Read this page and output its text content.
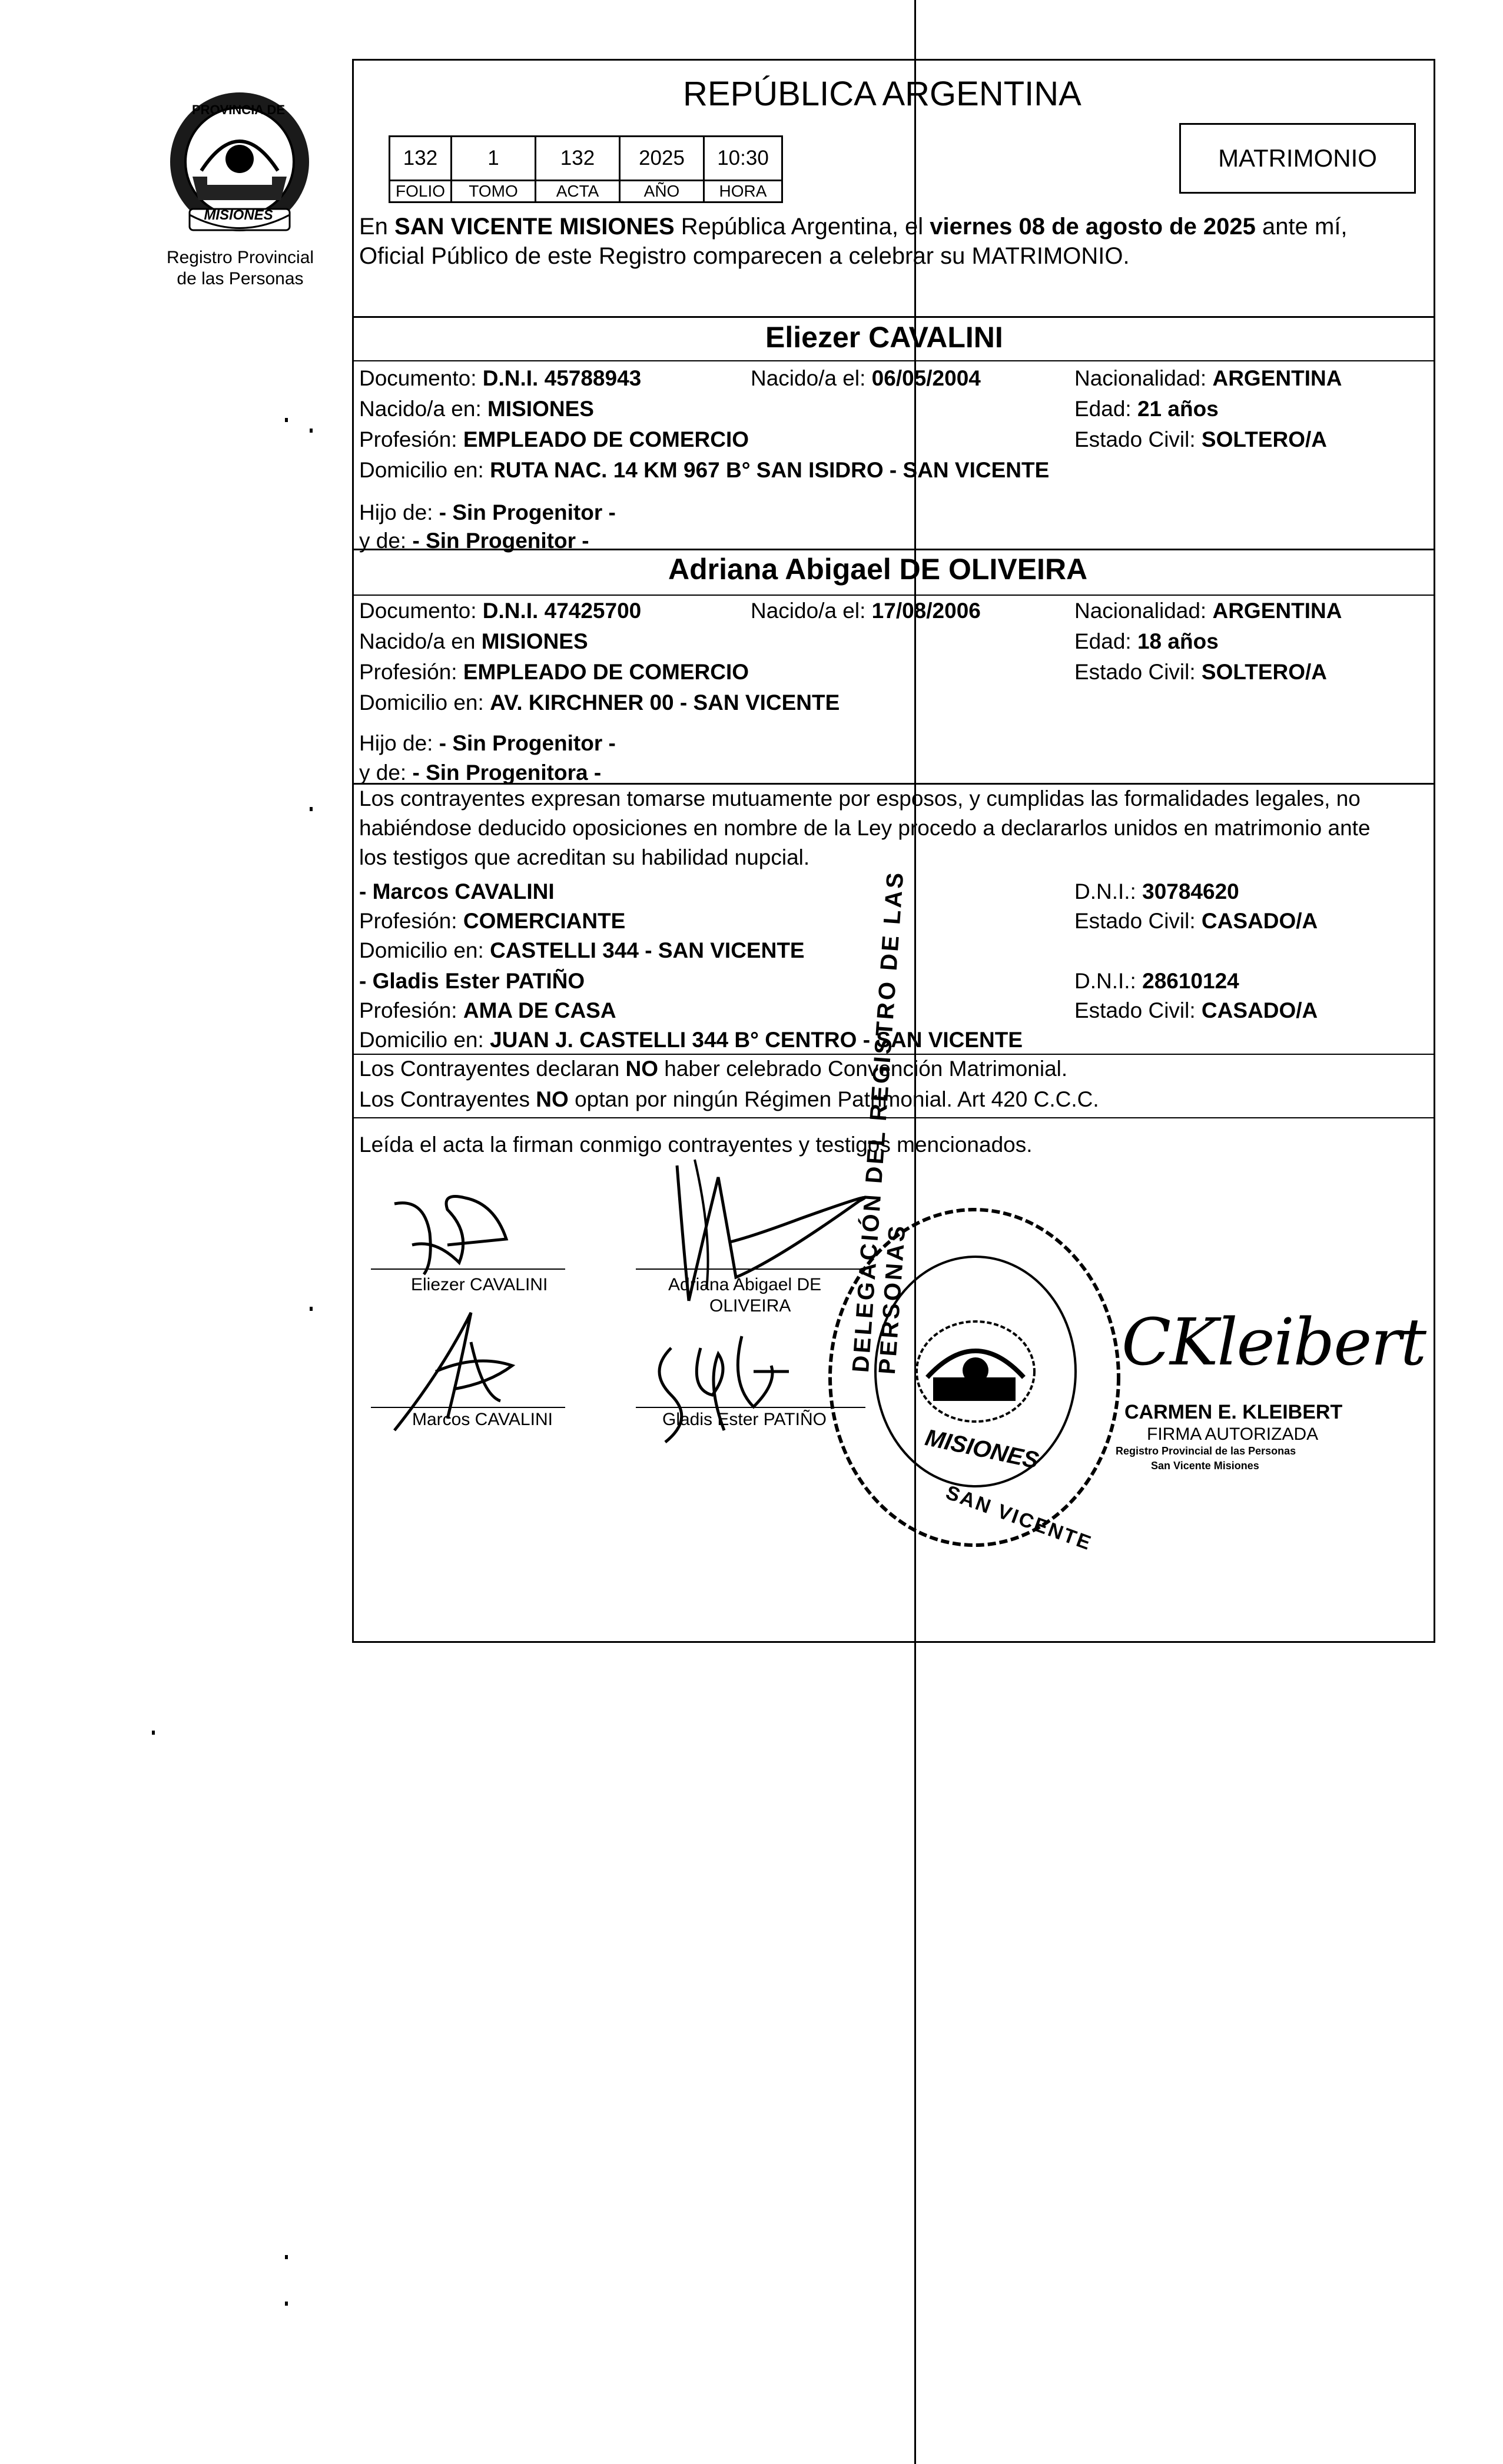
PROVINCIA DE
MISIONES
Registro Provincial
de las Personas
REPÚBLICA ARGENTINA
132	1	132	2025	10:30
FOLIO	TOMO	ACTA	AÑO	HORA
MATRIMONIO
En SAN VICENTE MISIONES República Argentina, el viernes 08 de agosto de 2025 ante mí,
Oficial Público de este Registro comparecen a celebrar su MATRIMONIO.
Eliezer CAVALINI
Documento: D.N.I. 45788943	Nacido/a el: 06/05/2004	Nacionalidad: ARGENTINA
Nacido/a en: MISIONES	Edad: 21 años
Profesión: EMPLEADO DE COMERCIO	Estado Civil: SOLTERO/A
Domicilio en: RUTA NAC. 14 KM 967 B° SAN ISIDRO - SAN VICENTE
Hijo de: - Sin Progenitor -
y de: - Sin Progenitor -
Adriana Abigael DE OLIVEIRA
Documento: D.N.I. 47425700	Nacido/a el: 17/08/2006	Nacionalidad: ARGENTINA
Nacido/a en MISIONES	Edad: 18 años
Profesión: EMPLEADO DE COMERCIO	Estado Civil: SOLTERO/A
Domicilio en: AV. KIRCHNER 00 - SAN VICENTE
Hijo de: - Sin Progenitor -
y de: - Sin Progenitora -
Los contrayentes expresan tomarse mutuamente por esposos, y cumplidas las formalidades legales, no
habiéndose deducido oposiciones en nombre de la Ley procedo a declararlos unidos en matrimonio ante
los testigos que acreditan su habilidad nupcial.
- Marcos CAVALINI	D.N.I.: 30784620
Profesión: COMERCIANTE	Estado Civil: CASADO/A
Domicilio en: CASTELLI 344 - SAN VICENTE
- Gladis Ester PATIÑO	D.N.I.: 28610124
Profesión: AMA DE CASA	Estado Civil: CASADO/A
Domicilio en: JUAN J. CASTELLI 344 B° CENTRO - SAN VICENTE
Los Contrayentes declaran NO haber celebrado Convención Matrimonial.
Los Contrayentes NO optan por ningún Régimen Patrimonial. Art 420 C.C.C.
Leída el acta la firman conmigo contrayentes y testigos mencionados.
Eliezer CAVALINI	Adriana Abigael DE
OLIVEIRA
Marcos CAVALINI	Gladis Ester PATIÑO
DELEGACIÓN DEL REGISTRO DE LAS PERSONAS
MISIONES
SAN VICENTE
CKleibert
CARMEN E. KLEIBERT
FIRMA AUTORIZADA
Registro Provincial de las Personas
San Vicente Misiones
